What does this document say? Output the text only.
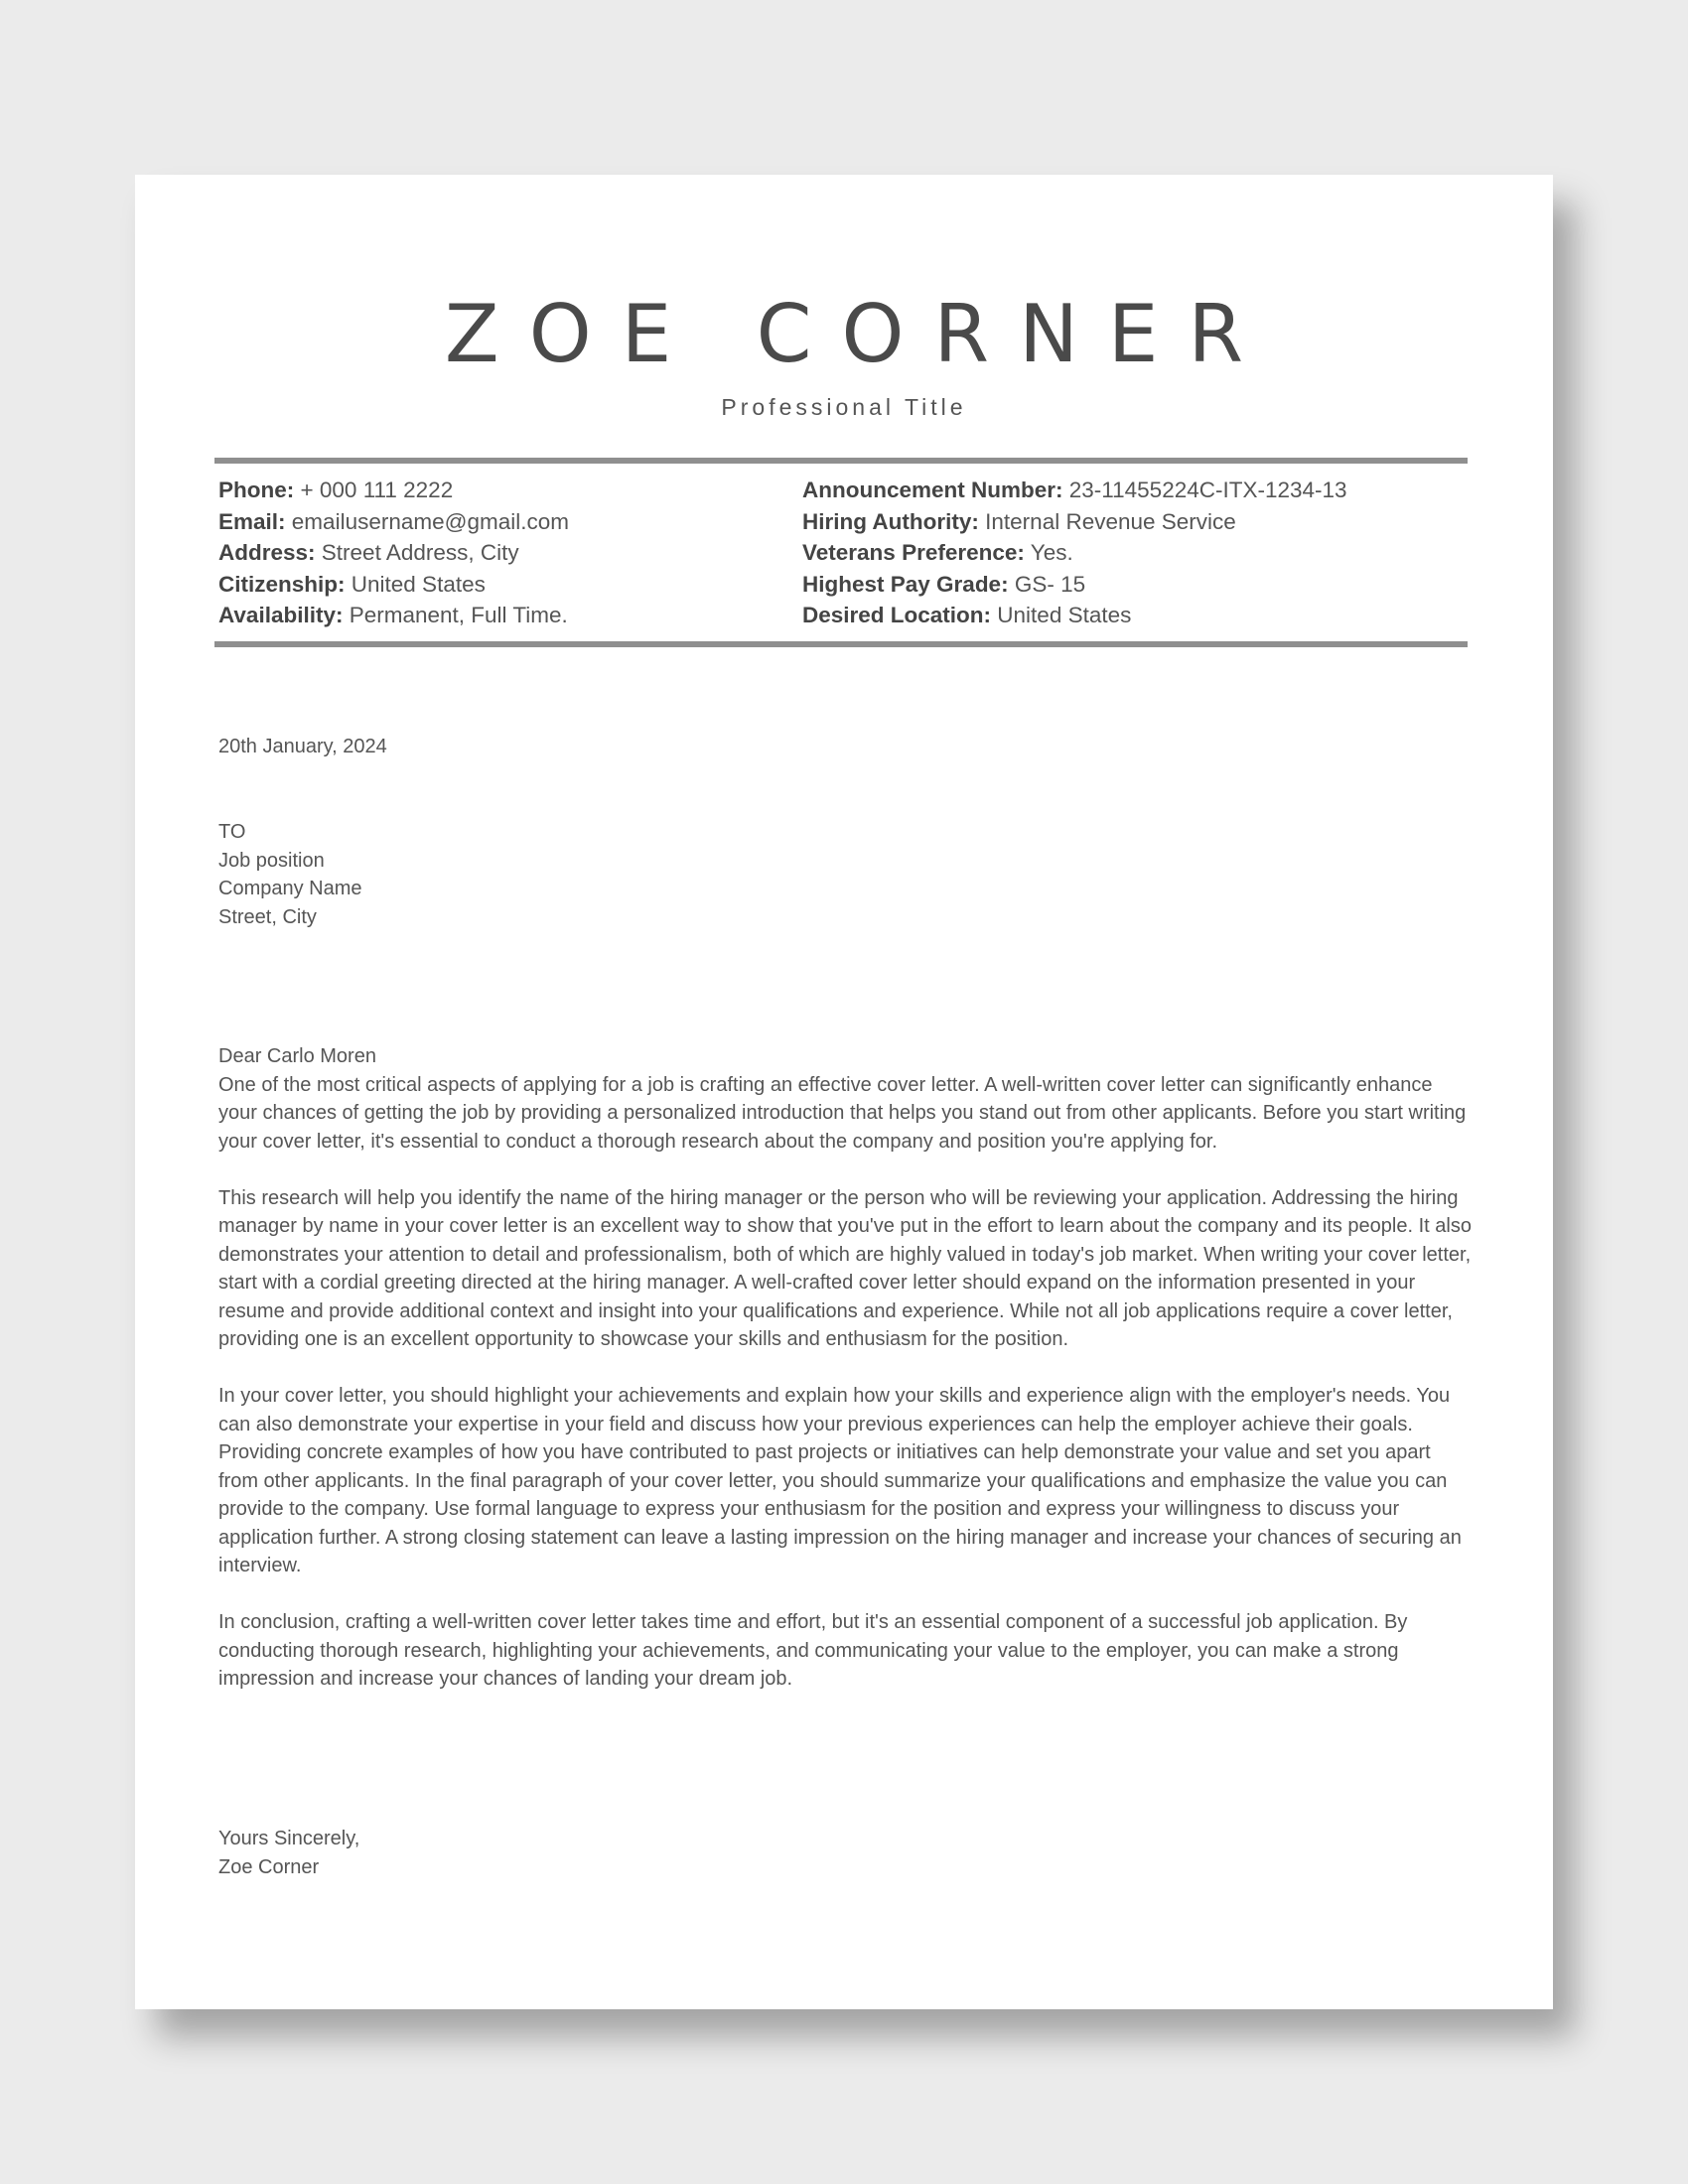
ZOE CORNER
Professional Title
Phone: + 000 111 2222
Email: emailusername@gmail.com
Address: Street Address, City
Citizenship: United States
Availability: Permanent, Full Time.
Announcement Number: 23-11455224C-ITX-1234-13
Hiring Authority: Internal Revenue Service
Veterans Preference: Yes.
Highest Pay Grade: GS- 15
Desired Location: United States
20th January, 2024
TO
Job position
Company Name
Street, City
Dear Carlo Moren

One of the most critical aspects of applying for a job is crafting an effective cover letter. A well-written cover letter can significantly enhance your chances of getting the job by providing a personalized introduction that helps you stand out from other applicants. Before you start writing your cover letter, it's essential to conduct a thorough research about the company and position you're applying for.

This research will help you identify the name of the hiring manager or the person who will be reviewing your application. Addressing the hiring manager by name in your cover letter is an excellent way to show that you've put in the effort to learn about the company and its people. It also demonstrates your attention to detail and professionalism, both of which are highly valued in today's job market. When writing your cover letter, start with a cordial greeting directed at the hiring manager. A well-crafted cover letter should expand on the information presented in your resume and provide additional context and insight into your qualifications and experience. While not all job applications require a cover letter, providing one is an excellent opportunity to showcase your skills and enthusiasm for the position.

In your cover letter, you should highlight your achievements and explain how your skills and experience align with the employer's needs. You can also demonstrate your expertise in your field and discuss how your previous experiences can help the employer achieve their goals. Providing concrete examples of how you have contributed to past projects or initiatives can help demonstrate your value and set you apart from other applicants. In the final paragraph of your cover letter, you should summarize your qualifications and emphasize the value you can provide to the company. Use formal language to express your enthusiasm for the position and express your willingness to discuss your application further. A strong closing statement can leave a lasting impression on the hiring manager and increase your chances of securing an interview.

In conclusion, crafting a well-written cover letter takes time and effort, but it's an essential component of a successful job application. By conducting thorough research, highlighting your achievements, and communicating your value to the employer, you can make a strong impression and increase your chances of landing your dream job.

Yours Sincerely,
Zoe Corner
